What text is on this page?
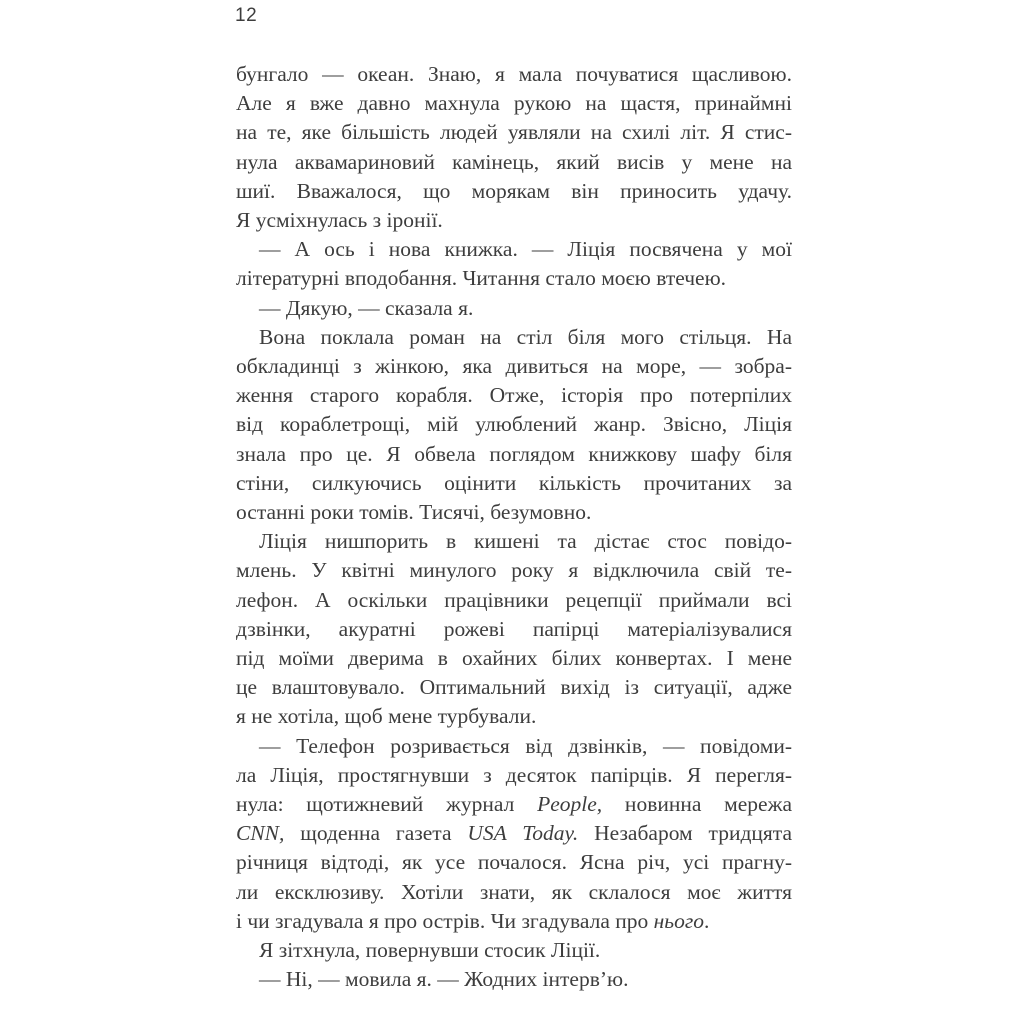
12
бунгало — океан. Знаю, я мала почуватися щасливою.
Але я вже давно махнула рукою на щастя, принаймні
на те, яке більшість людей уявляли на схилі літ. Я стис-
нула аквамариновий камінець, який висів у мене на
шиї. Вважалося, що морякам він приносить удачу.
Я усміхнулась з іронії.
— А ось і нова книжка. — Ліція посвячена у мої
літературні вподобання. Читання стало моєю втечею.
— Дякую, — сказала я.
Вона поклала роман на стіл біля мого стільця. На
обкладинці з жінкою, яка дивиться на море, — зобра-
ження старого корабля. Отже, історія про потерпілих
від кораблетрощі, мій улюблений жанр. Звісно, Ліція
знала про це. Я обвела поглядом книжкову шафу біля
стіни, силкуючись оцінити кількість прочитаних за
останні роки томів. Тисячі, безумовно.
Ліція нишпорить в кишені та дістає стос повідо-
млень. У квітні минулого року я відключила свій те-
лефон. А оскільки працівники рецепції приймали всі
дзвінки, акуратні рожеві папірці матеріалізувалися
під моїми дверима в охайних білих конвертах. І мене
це влаштовувало. Оптимальний вихід із ситуації, адже
я не хотіла, щоб мене турбували.
— Телефон розривається від дзвінків, — повідоми-
ла Ліція, простягнувши з десяток папірців. Я перегля-
нула: щотижневий журнал People, новинна мережа
CNN, щоденна газета USA Today. Незабаром тридцята
річниця відтоді, як усе почалося. Ясна річ, усі прагну-
ли ексклюзиву. Хотіли знати, як склалося моє життя
і чи згадувала я про острів. Чи згадувала про нього.
Я зітхнула, повернувши стосик Ліції.
— Ні, — мовила я. — Жодних інтерв’ю.
